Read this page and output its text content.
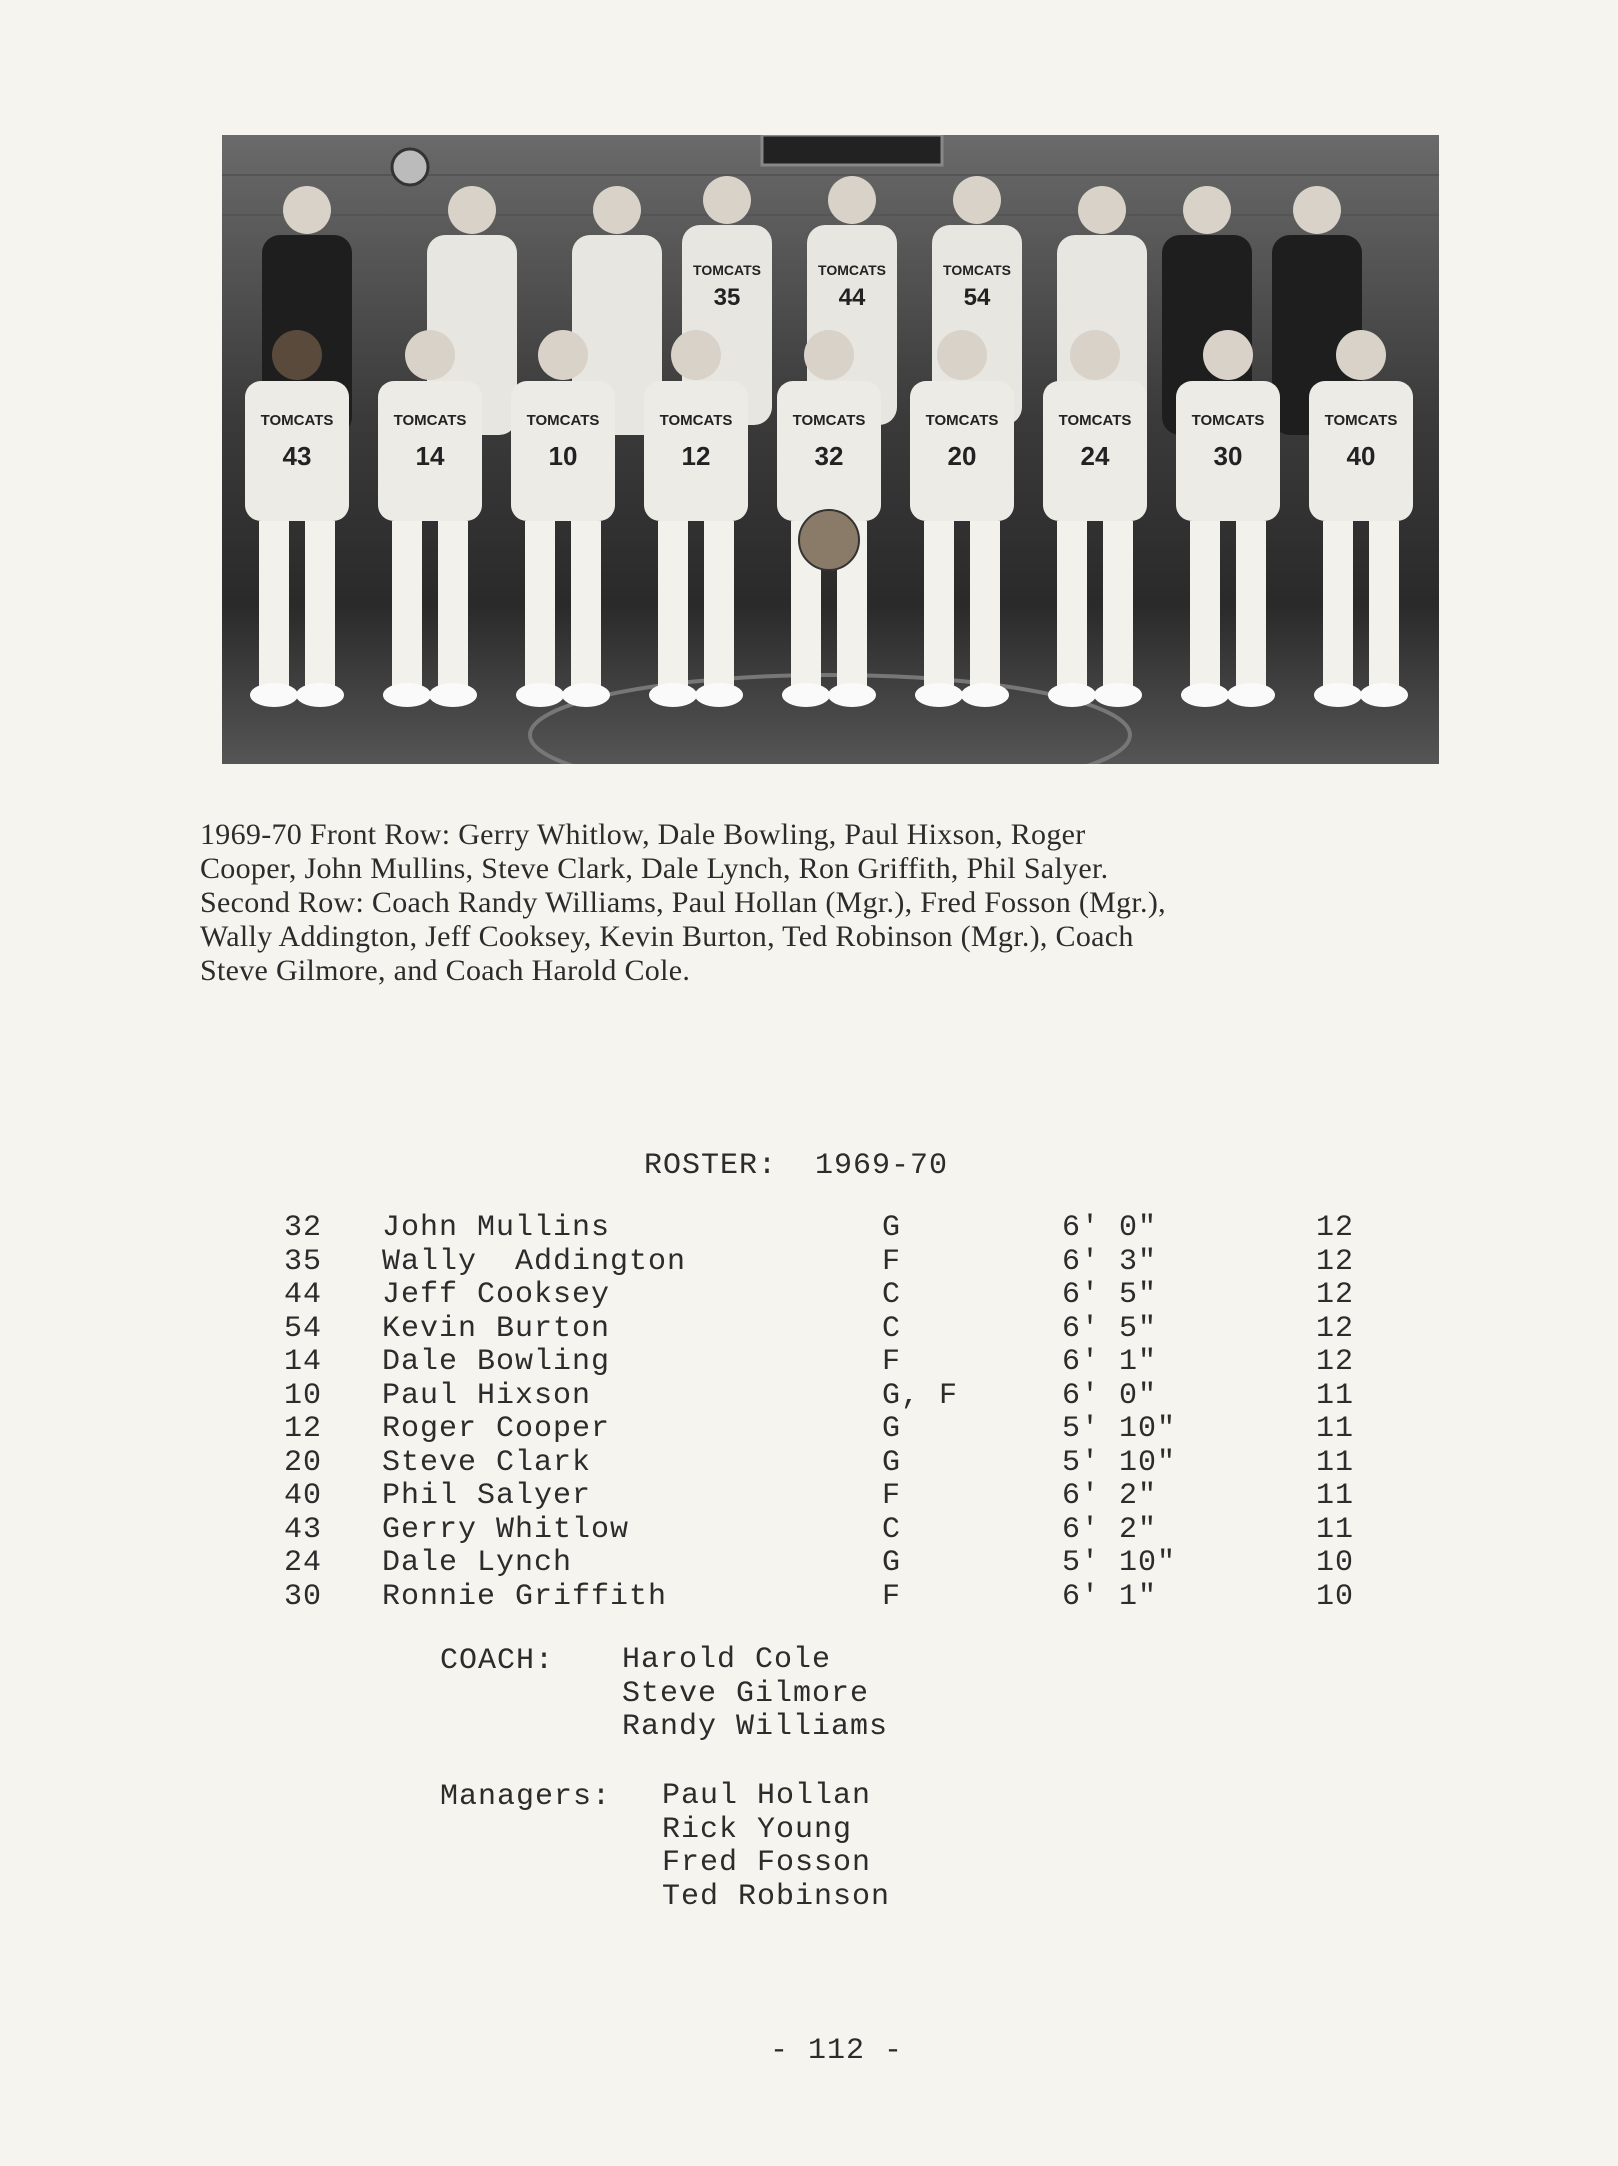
35
TOMCATS
44
TOMCATS
54
TOMCATS
TOMCATS
43
TOMCATS
14
TOMCATS
10
TOMCATS
12
TOMCATS
32
TOMCATS
20
TOMCATS
24
TOMCATS
30
TOMCATS
40
1969-70 Front Row: Gerry Whitlow, Dale Bowling, Paul Hixson, Roger
Cooper, John Mullins, Steve Clark, Dale Lynch, Ron Griffith, Phil Salyer.
Second Row: Coach Randy Williams, Paul Hollan (Mgr.), Fred Fosson (Mgr.),
Wally Addington, Jeff Cooksey, Kevin Burton, Ted Robinson (Mgr.), Coach
Steve Gilmore, and Coach Harold Cole.
ROSTER:  1969-70
32 John Mullins	G	6' 0"	12
35 Wally  Addington	F	6' 3"	12
44 Jeff Cooksey	C	6' 5"	12
54 Kevin Burton	C	6' 5"	12
14 Dale Bowling	F	6' 1"	12
10 Paul Hixson	G, F	6' 0"	11
12 Roger Cooper	G	5' 10"	11
20 Steve Clark	G	5' 10"	11
40 Phil Salyer	F	6' 2"	11
43 Gerry Whitlow	C	6' 2"	11
24 Dale Lynch	G	5' 10"	10
30 Ronnie Griffith	F	6' 1"	10
COACH: Harold Cole
Steve Gilmore
Randy Williams
Managers: Paul Hollan
Rick Young
Fred Fosson
Ted Robinson
- 112 -
